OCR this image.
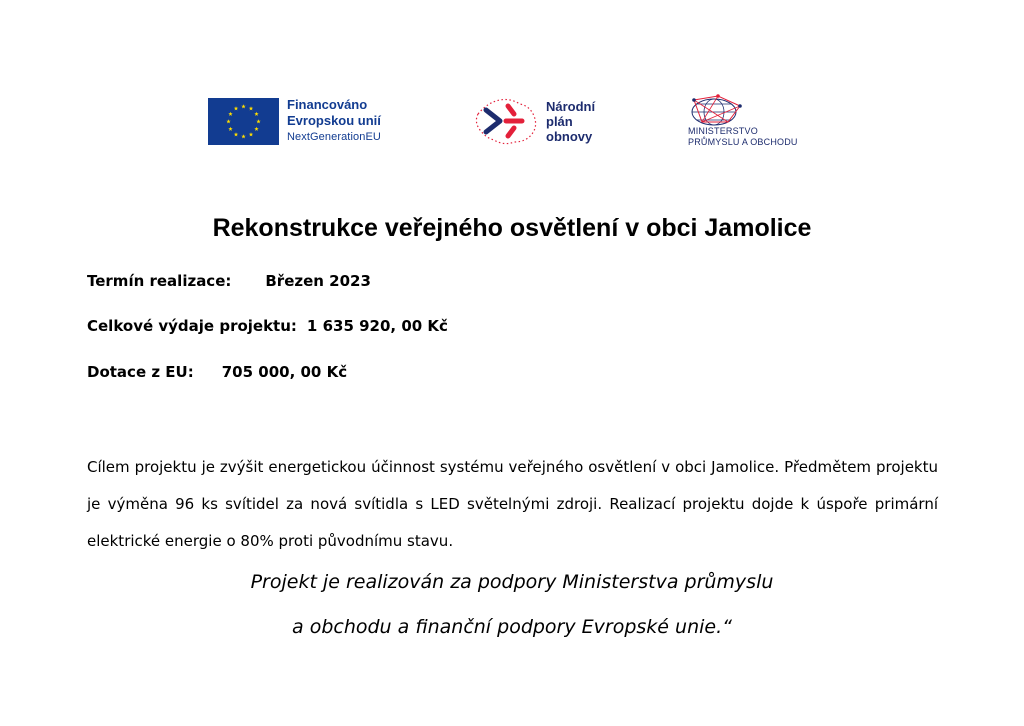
Financováno
Evropskou unií
NextGenerationEU
Národní
plán
obnovy	MINISTERSTVO
PRŮMYSLU A OBCHODU
Rekonstrukce veřejného osvětlení v obci Jamolice
Termín realizace: Březen 2023
Celkové výdaje projektu: 1 635 920, 00 Kč
Dotace z EU: 705 000, 00 Kč

Cílem projektu je zvýšit energetickou účinnost systému veřejného osvětlení v obci Jamolice. Předmětem projektu je výměna 96 ks svítidel za nová svítidla s LED světelnými zdroji. Realizací projektu dojde k úspoře primární elektrické energie o 80% proti původnímu stavu.

Projekt je realizován za podpory Ministerstva průmyslu

a obchodu a finanční podpory Evropské unie.“
